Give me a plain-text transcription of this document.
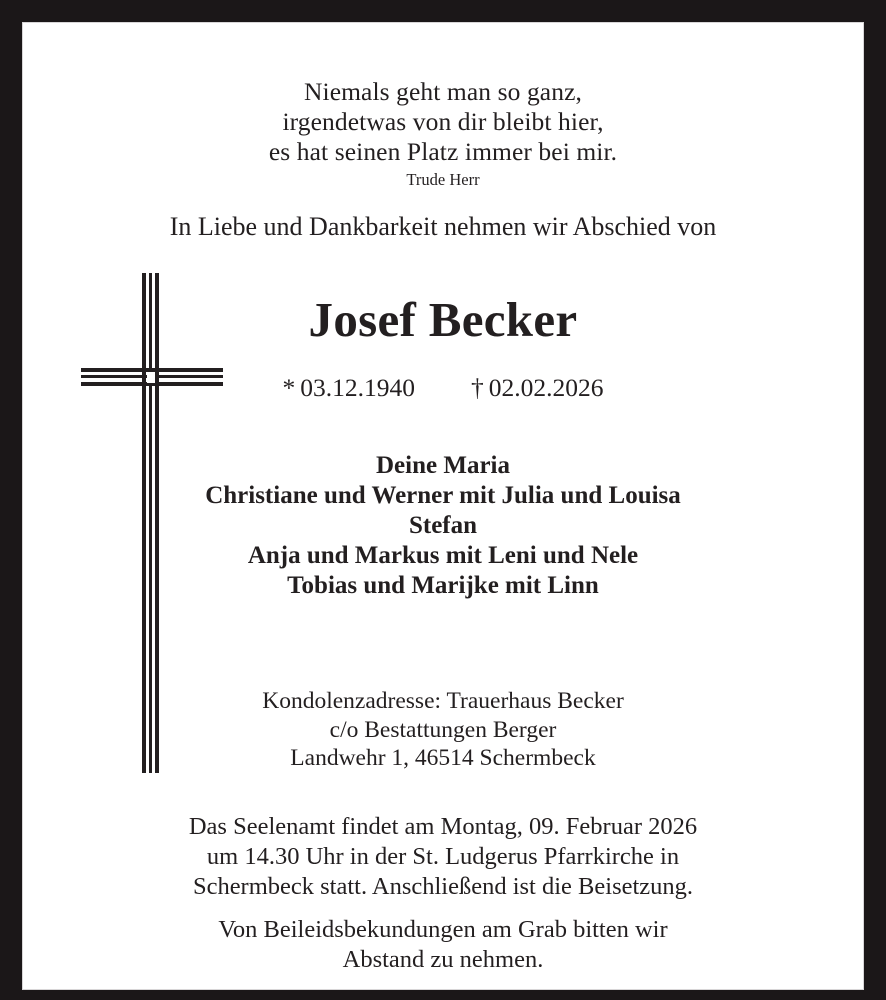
Niemals geht man so ganz,
irgendetwas von dir bleibt hier,
es hat seinen Platz immer bei mir.
Trude Herr
In Liebe und Dankbarkeit nehmen wir Abschied von
Josef Becker
* 03.12.1940 † 02.02.2026
Deine Maria
Christiane und Werner mit Julia und Louisa
Stefan
Anja und Markus mit Leni und Nele
Tobias und Marijke mit Linn
Kondolenzadresse: Trauerhaus Becker
c/o Bestattungen Berger
Landwehr 1, 46514 Schermbeck
Das Seelenamt findet am Montag, 09. Februar 2026
um 14.30 Uhr in der St. Ludgerus Pfarrkirche in
Schermbeck statt. Anschließend ist die Beisetzung.
Von Beileidsbekundungen am Grab bitten wir
Abstand zu nehmen.
